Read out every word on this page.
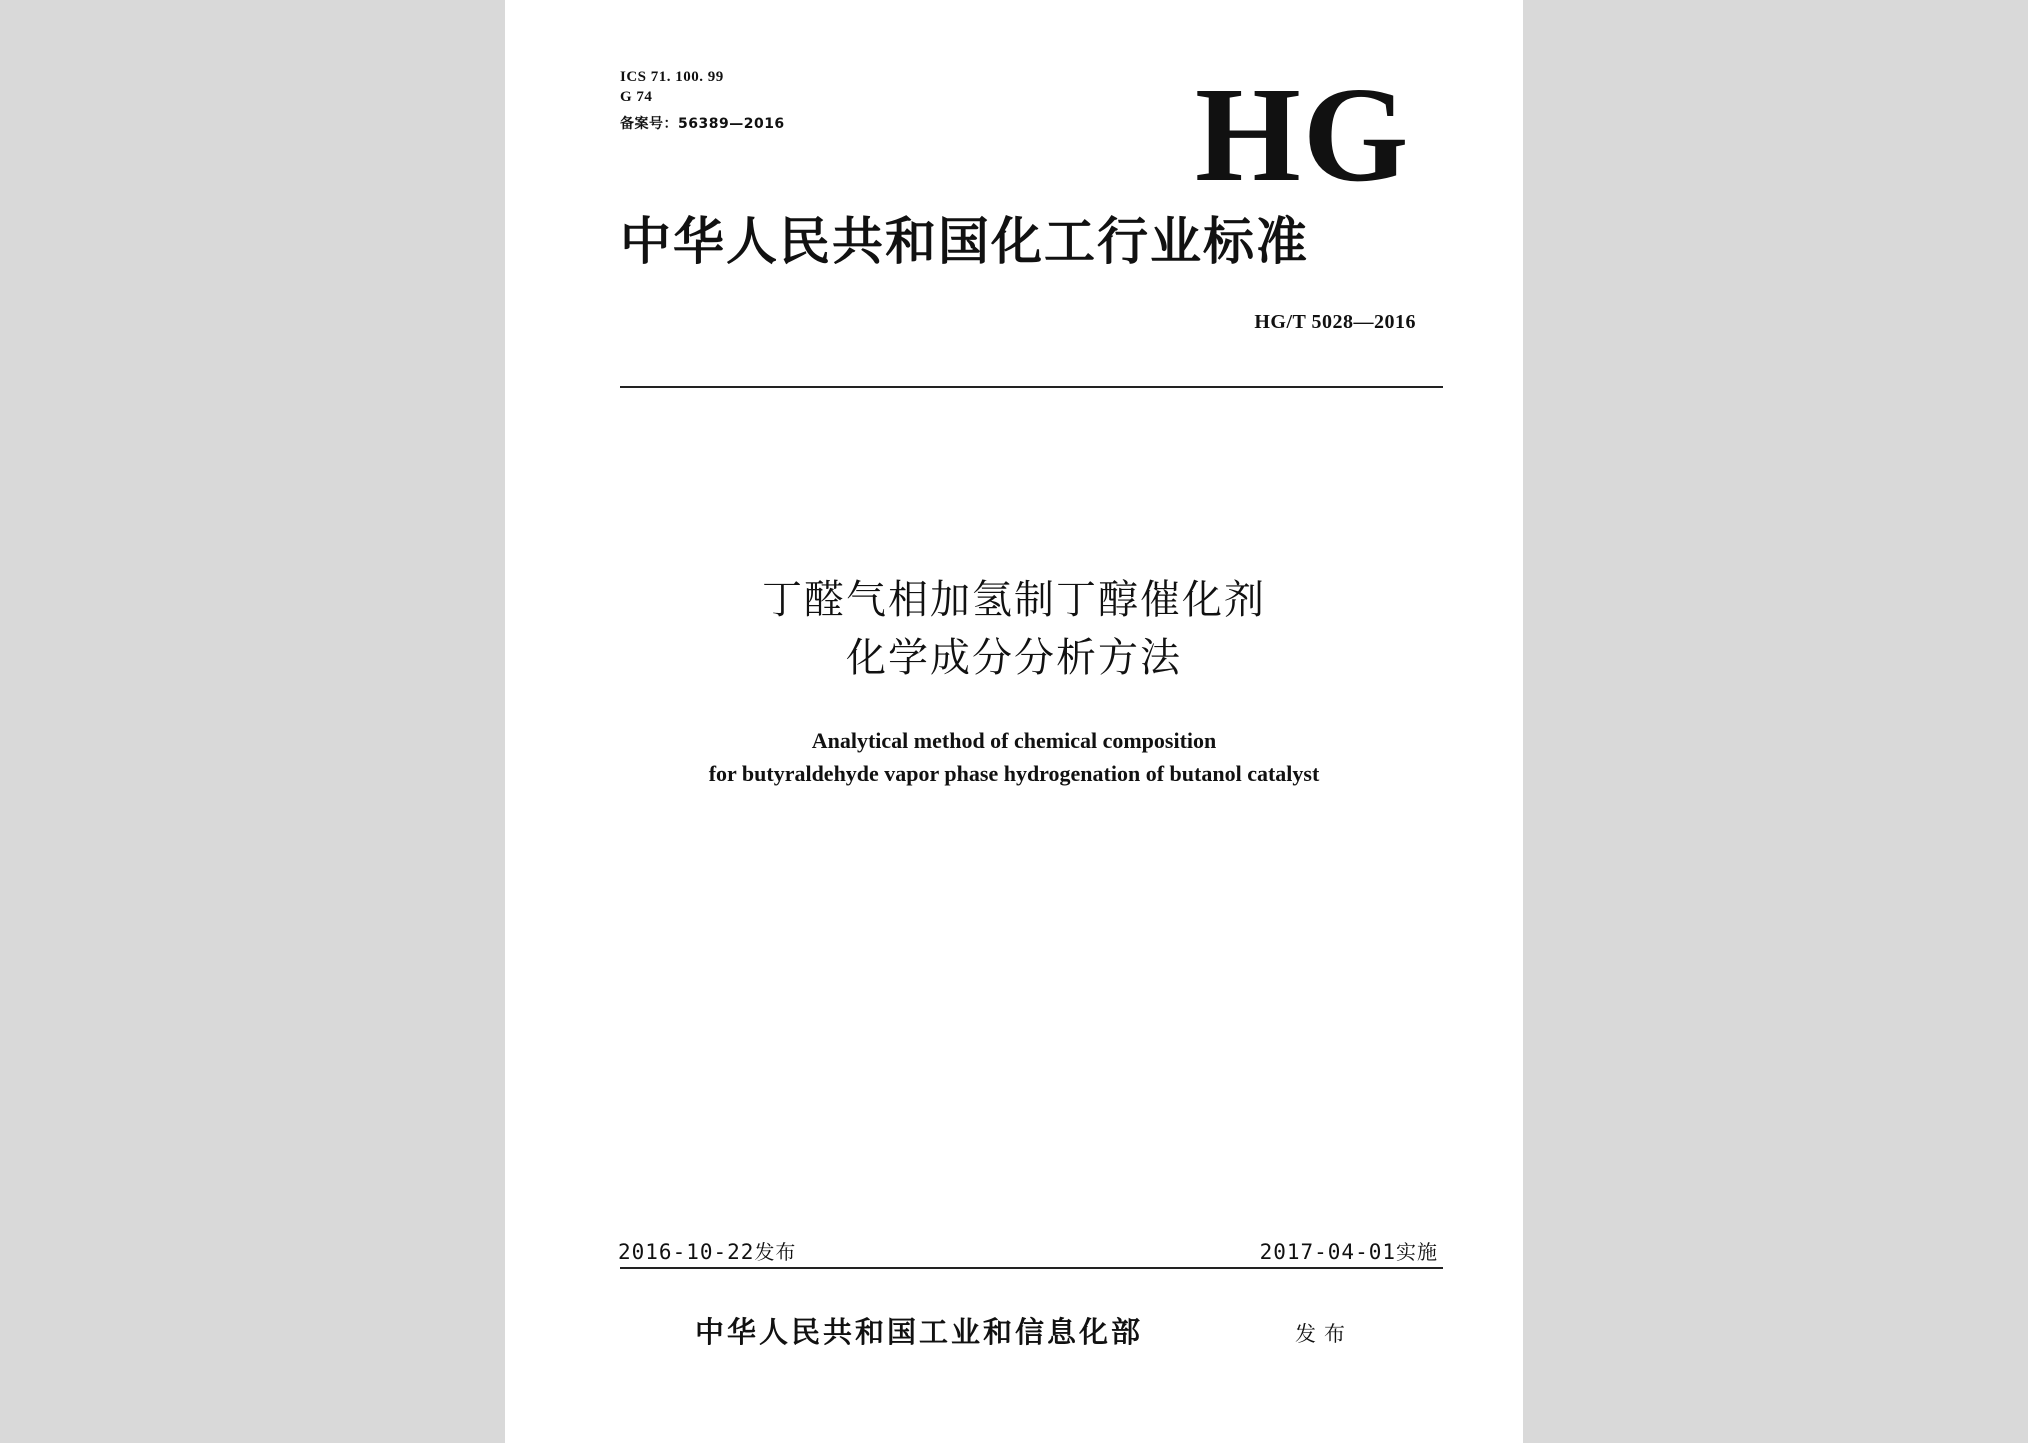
ICS 71. 100. 99
G 74
备案号：56389—2016	HG
中华人民共和国化工行业标准
HG/T 5028—2016
丁醛气相加氢制丁醇催化剂
化学成分分析方法
Analytical method of chemical composition
for butyraldehyde vapor phase hydrogenation of butanol catalyst
2016-10-22发布	2017-04-01实施
中华人民共和国工业和信息化部	发布
